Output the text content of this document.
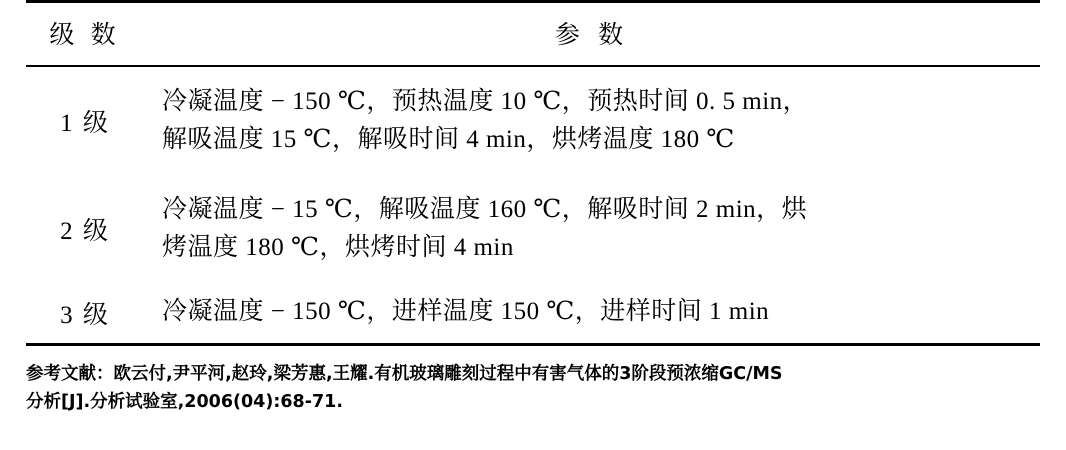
级 数	参 数
1 级	冷凝温度 − 150 ℃，预热温度 10 ℃，预热时间 0. 5 min，
解吸温度 15 ℃，解吸时间 4 min，烘烤温度 180 ℃

2 级	冷凝温度 − 15 ℃，解吸温度 160 ℃，解吸时间 2 min，烘
烤温度 180 ℃，烘烤时间 4 min

3 级	冷凝温度 − 150 ℃，进样温度 150 ℃，进样时间 1 min
参考文献：欧云付,尹平河,赵玲,梁芳惠,王耀.有机玻璃雕刻过程中有害气体的3阶段预浓缩GC/MS
分析[J].分析试验室,2006(04):68-71.
